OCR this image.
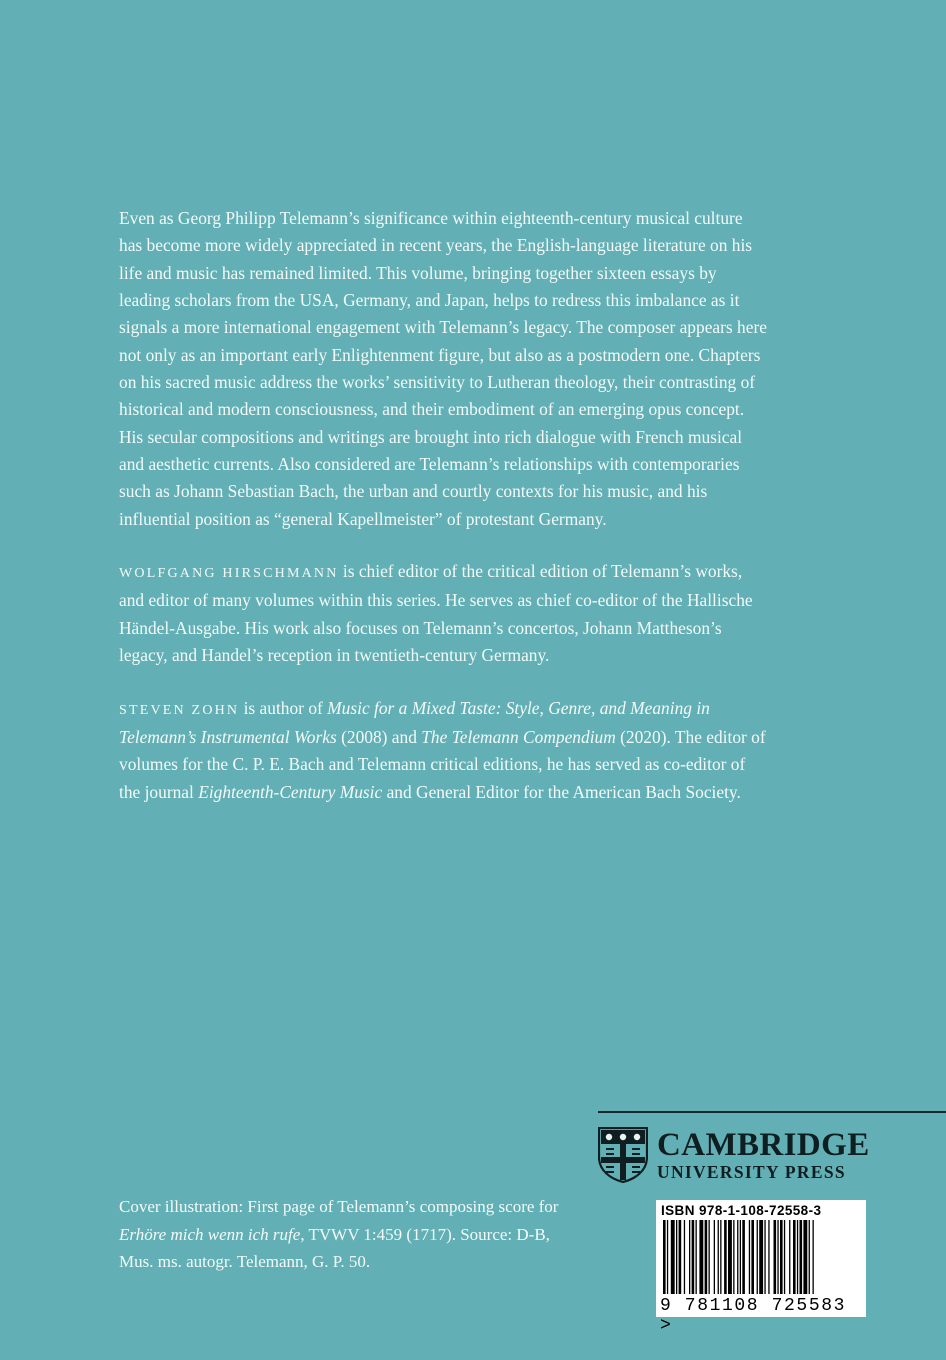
Even as Georg Philipp Telemann’s significance within eighteenth-century musical culture has become more widely appreciated in recent years, the English-language literature on his life and music has remained limited. This volume, bringing together sixteen essays by leading scholars from the USA, Germany, and Japan, helps to redress this imbalance as it signals a more international engagement with Telemann’s legacy. The composer appears here not only as an important early Enlightenment figure, but also as a postmodern one. Chapters on his sacred music address the works’ sensitivity to Lutheran theology, their contrasting of historical and modern consciousness, and their embodiment of an emerging opus concept. His secular compositions and writings are brought into rich dialogue with French musical and aesthetic currents. Also considered are Telemann’s relationships with contemporaries such as Johann Sebastian Bach, the urban and courtly contexts for his music, and his influential position as “general Kapellmeister” of protestant Germany.

WOLFGANG HIRSCHMANN is chief editor of the critical edition of Telemann’s works, and editor of many volumes within this series. He serves as chief co-editor of the Hallische Händel-Ausgabe. His work also focuses on Telemann’s concertos, Johann Mattheson’s legacy, and Handel’s reception in twentieth-century Germany.

STEVEN ZOHN is author of Music for a Mixed Taste: Style, Genre, and Meaning in Telemann’s Instrumental Works (2008) and The Telemann Compendium (2020). The editor of volumes for the C. P. E. Bach and Telemann critical editions, he has served as co-editor of the journal Eighteenth-Century Music and General Editor for the American Bach Society.

CAMBRIDGE
UNIVERSITY PRESS
Cover illustration: First page of Telemann’s composing score for Erhöre mich wenn ich rufe, TVWV 1:459 (1717). Source: D-B, Mus. ms. autogr. Telemann, G. P. 50.
ISBN 978-1-108-72558-3
9 781108 725583 >
